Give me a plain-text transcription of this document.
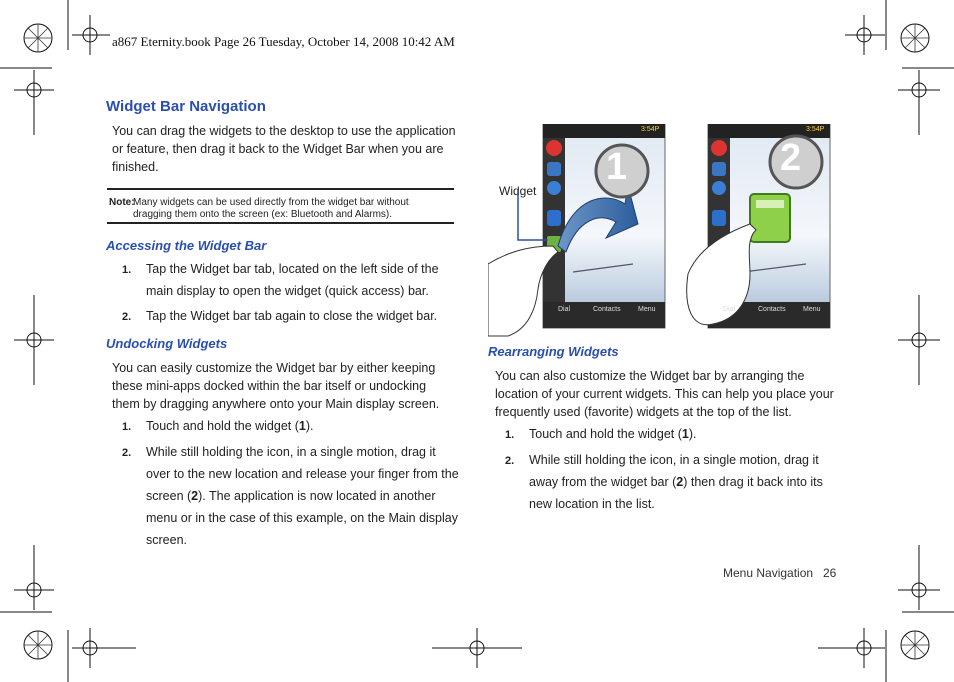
a867 Eternity.book Page 26 Tuesday, October 14, 2008 10:42 AM
Widget Bar Navigation
You can drag the widgets to the desktop to use the application or feature, then drag it back to the Widget Bar when you are finished.
Note:
Many widgets can be used directly from the widget bar without dragging them onto the screen (ex: Bluetooth and Alarms).
Accessing the Widget Bar
1. Tap the Widget bar tab, located on the left side of the main display to open the widget (quick access) bar.
2. Tap the Widget bar tab again to close the widget bar.
Undocking Widgets
You can easily customize the Widget bar by either keeping these mini-apps docked within the bar itself or undocking them by dragging anywhere onto your Main display screen.
1. Touch and hold the widget (1).
2. While still holding the icon, in a single motion, drag it over to the new location and release your finger from the screen (2). The application is now located in another menu or in the case of this example, on the Main display screen.
Widget
1	2
3:54P	3:54P
Dial	Contacts Menu	Dial	Contacts Menu
Rearranging Widgets
You can also customize the Widget bar by arranging the location of your current widgets. This can help you place your frequently used (favorite) widgets at the top of the list.
1. Touch and hold the widget (1).
2. While still holding the icon, in a single motion, drag it away from the widget bar (2) then drag it back into its new location in the list.
Menu Navigation 26
